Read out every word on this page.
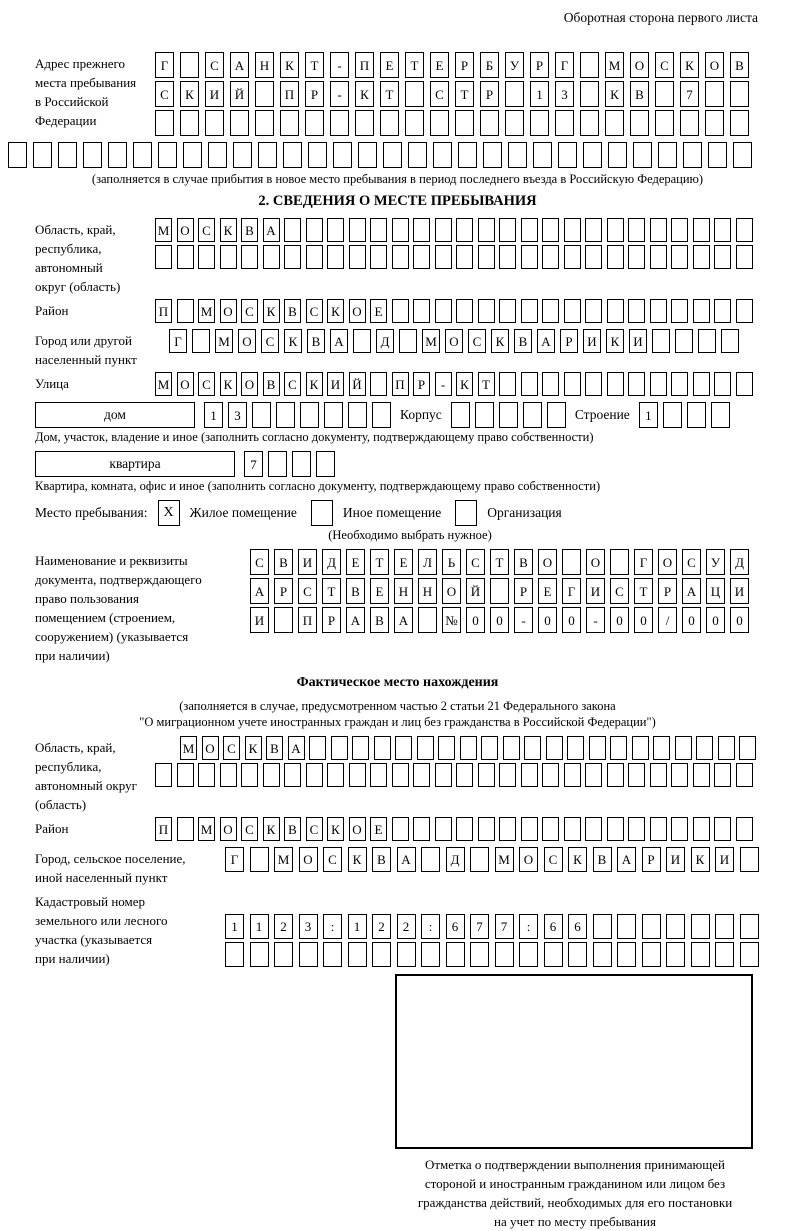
Оборотная сторона первого листа
Адрес прежнего
места пребывания
в Российской
Федерации
Г	С	А	Н	К	Т	-	П	Е	Т	Е	Р	Б	У	Р	Г	М	О	С	К	О	В
С	К	И	Й	П	Р	-	К	Т	С	Т	Р	1	3	К	В	7
(заполняется в случае прибытия в новое место пребывания в период последнего въезда в Российскую Федерацию)
2. СВЕДЕНИЯ О МЕСТЕ ПРЕБЫВАНИЯ
Область, край,
республика,
автономный
округ (область)
М О С К В А
Район	П	М О С К В С К О Е
Город или другой
населенный пункт
Г	М О	С	К	В	А	Д	М О	С	К	В	А	Р	И	К	И
Улица	М О С К О В С К И Й	П	Р	-	К	Т
дом	1	3	Корпус	Строение	1
Дом, участок, владение и иное (заполнить согласно документу, подтверждающему право собственности)
квартира	7
Квартира, комната, офис и иное (заполнить согласно документу, подтверждающему право собственности)
Место пребывания:	X	Жилое помещение	Иное помещение	Организация
(Необходимо выбрать нужное)
Наименование и реквизиты
документа, подтверждающего
право пользования
помещением (строением,
сооружением) (указывается
при наличии)
С	В	И	Д	Е	Т	Е	Л	Ь	С	Т	В	О	О	Г	О	С	У	Д
А	Р	С	Т	В	Е	Н	Н	О	Й	Р	Е	Г	И	С	Т	Р	А	Ц	И
И	П	Р	А	В	А	№	0	0	-	0	0	-	0	0	/	0	0	0
Фактическое место нахождения
(заполняется в случае, предусмотренном частью 2 статьи 21 Федерального закона
"О миграционном учете иностранных граждан и лиц без гражданства в Российской Федерации")
Область, край,
республика,
автономный округ
(область)
М О С К В А
Район	П	М О С К В С К О Е
Город, сельское поселение,
иной населенный пункт
Г	М	О	С	К	В	А	Д	М	О	С	К	В	А	Р	И	К	И
Кадастровый номер
земельного или лесного
участка (указывается
при наличии)
1	1	2	3	:	1	2	2	:	6	7	7	:	6	6
Отметка о подтверждении выполнения принимающей
стороной и иностранным гражданином или лицом без
гражданства действий, необходимых для его постановки
на учет по месту пребывания
